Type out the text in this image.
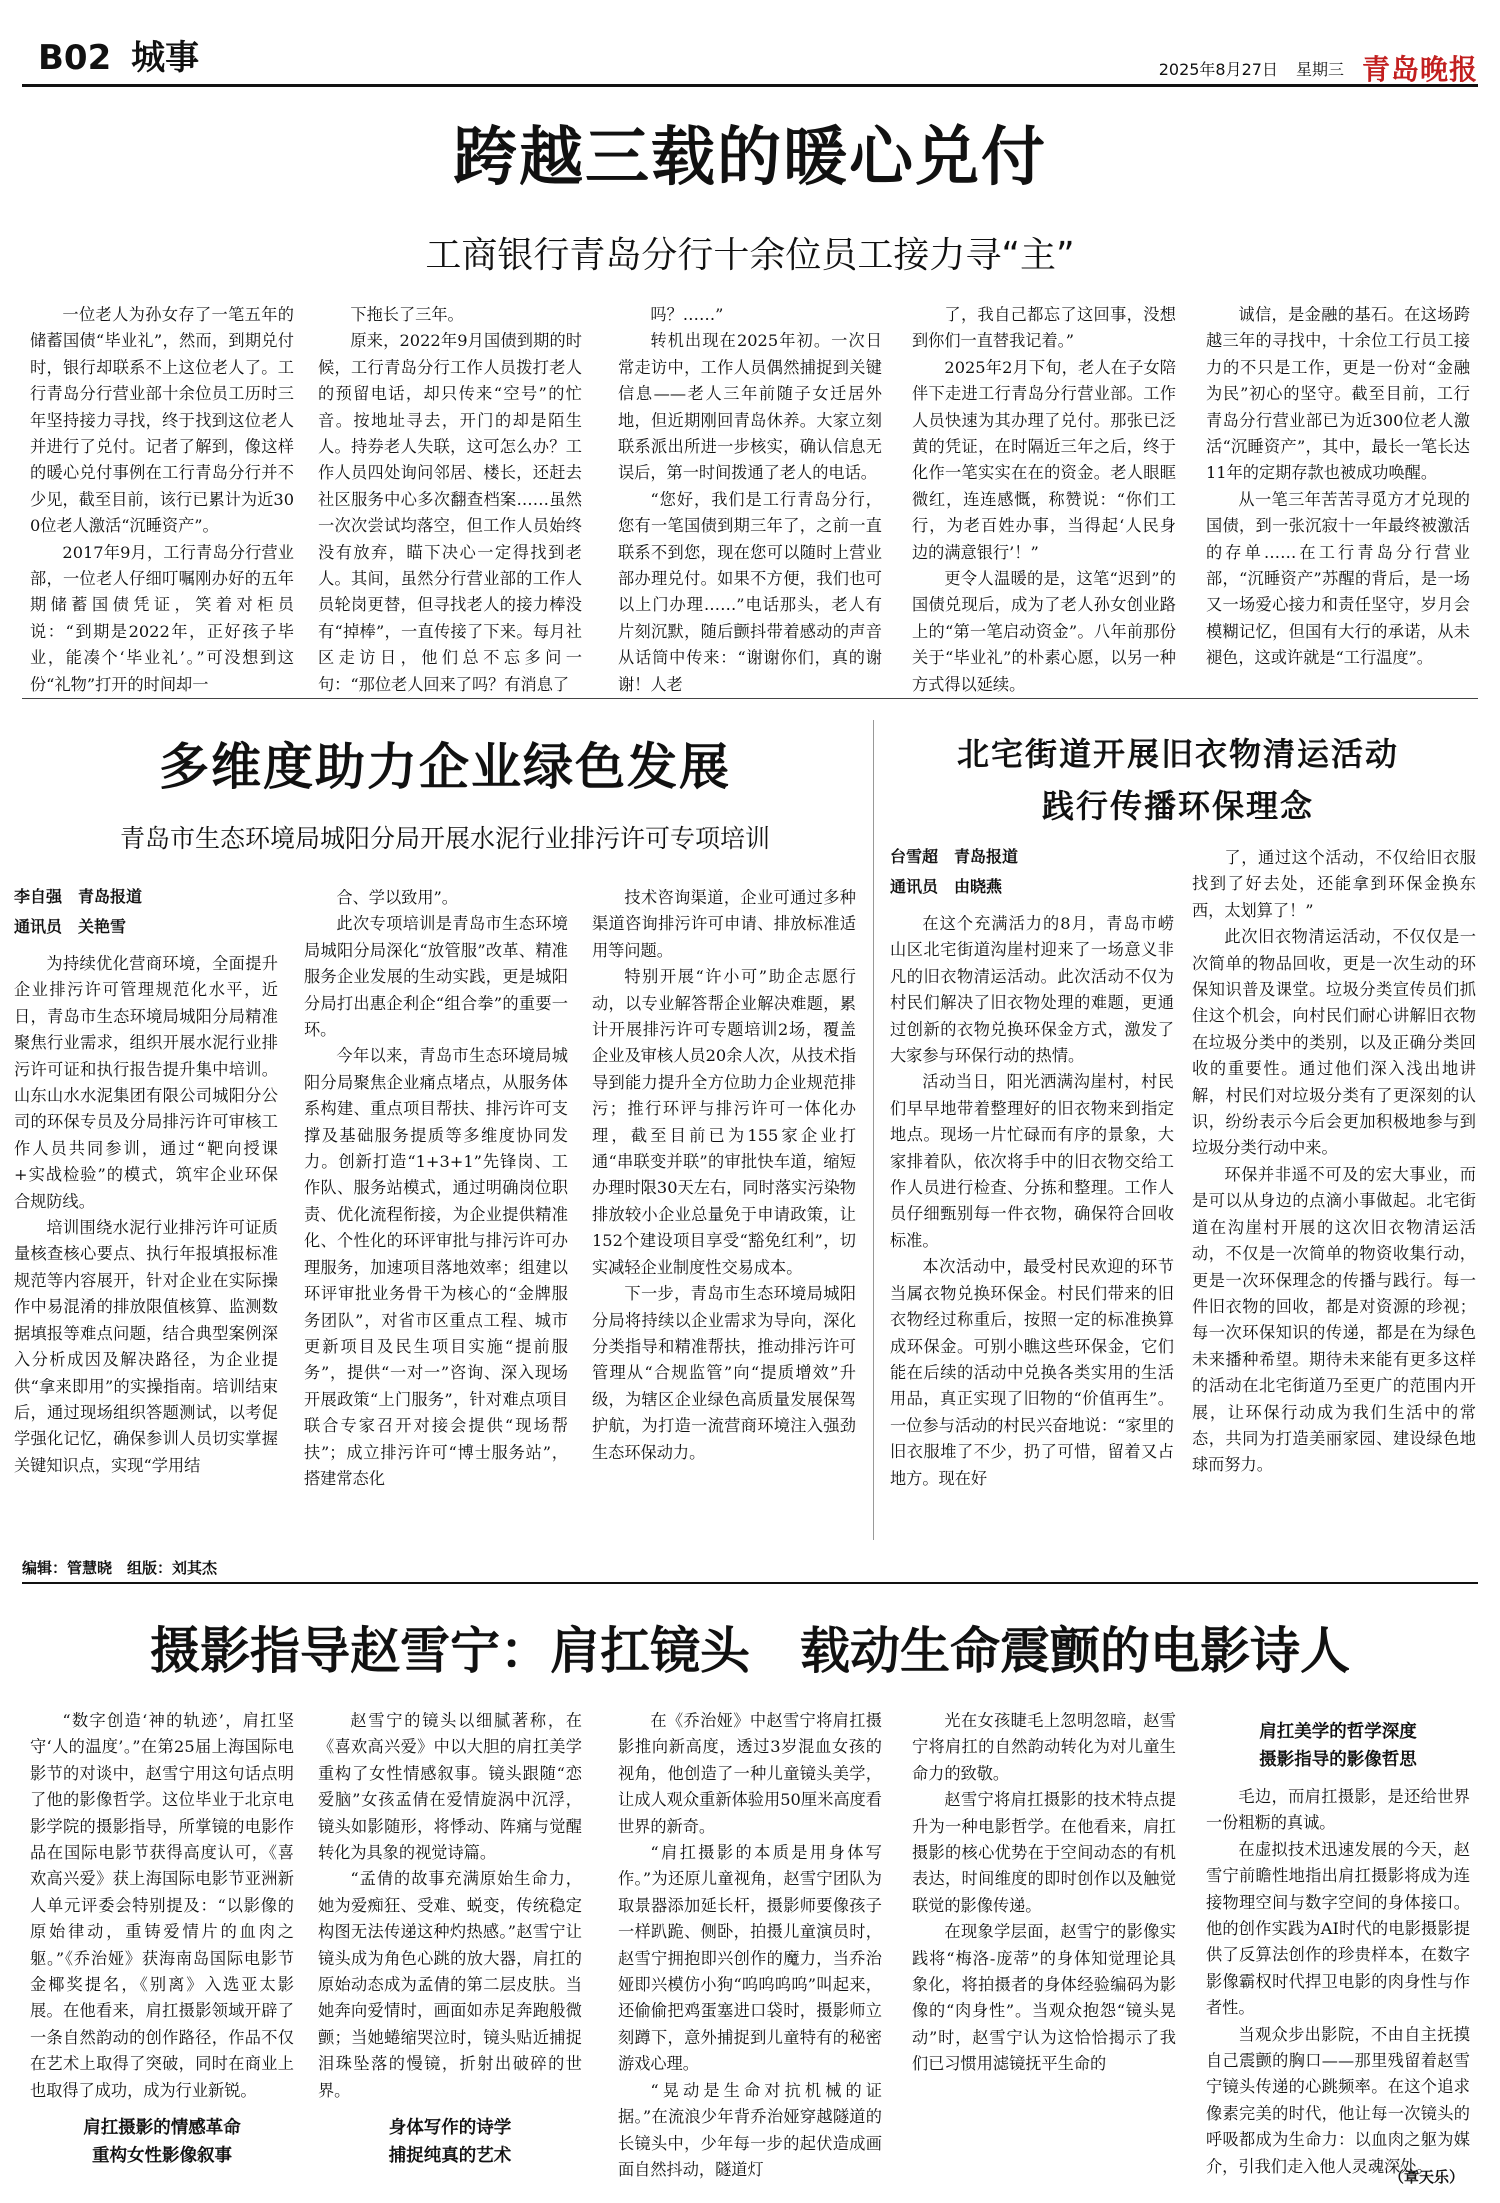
B02 城事	2025年8月27日 星期三 青岛晚报
跨越三载的暖心兑付
工商银行青岛分行十余位员工接力寻“主”

一位老人为孙女存了一笔五年的储蓄国债“毕业礼”，然而，到期兑付时，银行却联系不上这位老人了。工行青岛分行营业部十余位员工历时三年坚持接力寻找，终于找到这位老人并进行了兑付。记者了解到，像这样的暖心兑付事例在工行青岛分行并不少见，截至目前，该行已累计为近300位老人激活“沉睡资产”。

2017年9月，工行青岛分行营业部，一位老人仔细叮嘱刚办好的五年期储蓄国债凭证，笑着对柜员说：“到期是2022年，正好孩子毕业，能凑个‘毕业礼’。”可没想到这份“礼物”打开的时间却一

下拖长了三年。

原来，2022年9月国债到期的时候，工行青岛分行工作人员拨打老人的预留电话，却只传来“空号”的忙音。按地址寻去，开门的却是陌生人。持券老人失联，这可怎么办？工作人员四处询问邻居、楼长，还赶去社区服务中心多次翻查档案……虽然一次次尝试均落空，但工作人员始终没有放弃，瞄下决心一定得找到老人。其间，虽然分行营业部的工作人员轮岗更替，但寻找老人的接力棒没有“掉棒”，一直传接了下来。每月社区走访日，他们总不忘多问一句：“那位老人回来了吗？有消息了

吗？……”

转机出现在2025年初。一次日常走访中，工作人员偶然捕捉到关键信息——老人三年前随子女迁居外地，但近期刚回青岛休养。大家立刻联系派出所进一步核实，确认信息无误后，第一时间拨通了老人的电话。

“您好，我们是工行青岛分行，您有一笔国债到期三年了，之前一直联系不到您，现在您可以随时上营业部办理兑付。如果不方便，我们也可以上门办理……”电话那头，老人有片刻沉默，随后颤抖带着感动的声音从话筒中传来：“谢谢你们，真的谢谢！人老

了，我自己都忘了这回事，没想到你们一直替我记着。”

2025年2月下旬，老人在子女陪伴下走进工行青岛分行营业部。工作人员快速为其办理了兑付。那张已泛黄的凭证，在时隔近三年之后，终于化作一笔实实在在的资金。老人眼眶微红，连连感慨，称赞说：“你们工行，为老百姓办事，当得起‘人民身边的满意银行’！”

更令人温暖的是，这笔“迟到”的国债兑现后，成为了老人孙女创业路上的“第一笔启动资金”。八年前那份关于“毕业礼”的朴素心愿，以另一种方式得以延续。

诚信，是金融的基石。在这场跨越三年的寻找中，十余位工行员工接力的不只是工作，更是一份对“金融为民”初心的坚守。截至目前，工行青岛分行营业部已为近300位老人激活“沉睡资产”，其中，最长一笔长达11年的定期存款也被成功唤醒。

从一笔三年苦苦寻觅方才兑现的国债，到一张沉寂十一年最终被激活的存单……在工行青岛分行营业部，“沉睡资产”苏醒的背后，是一场又一场爱心接力和责任坚守，岁月会模糊记忆，但国有大行的承诺，从未褪色，这或许就是“工行温度”。

多维度助力企业绿色发展
青岛市生态环境局城阳分局开展水泥行业排污许可专项培训
李自强　青岛报道
通讯员　关艳雪

为持续优化营商环境，全面提升企业排污许可管理规范化水平，近日，青岛市生态环境局城阳分局精准聚焦行业需求，组织开展水泥行业排污许可证和执行报告提升集中培训。山东山水水泥集团有限公司城阳分公司的环保专员及分局排污许可审核工作人员共同参训，通过“靶向授课+实战检验”的模式，筑牢企业环保合规防线。

培训围绕水泥行业排污许可证质量核查核心要点、执行年报填报标准规范等内容展开，针对企业在实际操作中易混淆的排放限值核算、监测数据填报等难点问题，结合典型案例深入分析成因及解决路径，为企业提供“拿来即用”的实操指南。培训结束后，通过现场组织答题测试，以考促学强化记忆，确保参训人员切实掌握关键知识点，实现“学用结

合、学以致用”。

此次专项培训是青岛市生态环境局城阳分局深化“放管服”改革、精准服务企业发展的生动实践，更是城阳分局打出惠企利企“组合拳”的重要一环。

今年以来，青岛市生态环境局城阳分局聚焦企业痛点堵点，从服务体系构建、重点项目帮扶、排污许可支撑及基础服务提质等多维度协同发力。创新打造“1+3+1”先锋岗、工作队、服务站模式，通过明确岗位职责、优化流程衔接，为企业提供精准化、个性化的环评审批与排污许可办理服务，加速项目落地效率；组建以环评审批业务骨干为核心的“金牌服务团队”，对省市区重点工程、城市更新项目及民生项目实施“提前服务”，提供“一对一”咨询、深入现场开展政策“上门服务”，针对难点项目联合专家召开对接会提供“现场帮扶”；成立排污许可“博士服务站”，搭建常态化

技术咨询渠道，企业可通过多种渠道咨询排污许可申请、排放标准适用等问题。

特别开展“许小可”助企志愿行动，以专业解答帮企业解决难题，累计开展排污许可专题培训2场，覆盖企业及审核人员20余人次，从技术指导到能力提升全方位助力企业规范排污；推行环评与排污许可一体化办理，截至目前已为155家企业打通“串联变并联”的审批快车道，缩短办理时限30天左右，同时落实污染物排放较小企业总量免于申请政策，让152个建设项目享受“豁免红利”，切实减轻企业制度性交易成本。

下一步，青岛市生态环境局城阳分局将持续以企业需求为导向，深化分类指导和精准帮扶，推动排污许可管理从“合规监管”向“提质增效”升级，为辖区企业绿色高质量发展保驾护航，为打造一流营商环境注入强劲生态环保动力。

北宅街道开展旧衣物清运活动
践行传播环保理念
台雪超　青岛报道
通讯员　由晓燕

在这个充满活力的8月，青岛市崂山区北宅街道沟崖村迎来了一场意义非凡的旧衣物清运活动。此次活动不仅为村民们解决了旧衣物处理的难题，更通过创新的衣物兑换环保金方式，激发了大家参与环保行动的热情。

活动当日，阳光洒满沟崖村，村民们早早地带着整理好的旧衣物来到指定地点。现场一片忙碌而有序的景象，大家排着队，依次将手中的旧衣物交给工作人员进行检查、分拣和整理。工作人员仔细甄别每一件衣物，确保符合回收标准。

本次活动中，最受村民欢迎的环节当属衣物兑换环保金。村民们带来的旧衣物经过称重后，按照一定的标准换算成环保金。可别小瞧这些环保金，它们能在后续的活动中兑换各类实用的生活用品，真正实现了旧物的“价值再生”。一位参与活动的村民兴奋地说：“家里的旧衣服堆了不少，扔了可惜，留着又占地方。现在好

了，通过这个活动，不仅给旧衣服找到了好去处，还能拿到环保金换东西，太划算了！”

此次旧衣物清运活动，不仅仅是一次简单的物品回收，更是一次生动的环保知识普及课堂。垃圾分类宣传员们抓住这个机会，向村民们耐心讲解旧衣物在垃圾分类中的类别，以及正确分类回收的重要性。通过他们深入浅出地讲解，村民们对垃圾分类有了更深刻的认识，纷纷表示今后会更加积极地参与到垃圾分类行动中来。

环保并非遥不可及的宏大事业，而是可以从身边的点滴小事做起。北宅街道在沟崖村开展的这次旧衣物清运活动，不仅是一次简单的物资收集行动，更是一次环保理念的传播与践行。每一件旧衣物的回收，都是对资源的珍视；每一次环保知识的传递，都是在为绿色未来播种希望。期待未来能有更多这样的活动在北宅街道乃至更广的范围内开展，让环保行动成为我们生活中的常态，共同为打造美丽家园、建设绿色地球而努力。

编辑：管慧晓　组版：刘其杰
摄影指导赵雪宁：肩扛镜头　载动生命震颤的电影诗人

“数字创造‘神的轨迹’，肩扛坚守‘人的温度’。”在第25届上海国际电影节的对谈中，赵雪宁用这句话点明了他的影像哲学。这位毕业于北京电影学院的摄影指导，所掌镜的电影作品在国际电影节获得高度认可，《喜欢高兴爱》获上海国际电影节亚洲新人单元评委会特别提及：“以影像的原始律动，重铸爱情片的血肉之躯。”《乔治娅》获海南岛国际电影节金椰奖提名，《别离》入选亚太影展。在他看来，肩扛摄影领域开辟了一条自然韵动的创作路径，作品不仅在艺术上取得了突破，同时在商业上也取得了成功，成为行业新锐。

肩扛摄影的情感革命
重构女性影像叙事

赵雪宁的镜头以细腻著称，在《喜欢高兴爱》中以大胆的肩扛美学重构了女性情感叙事。镜头跟随“恋爱脑”女孩孟倩在爱情旋涡中沉浮，镜头如影随形，将悸动、阵痛与觉醒转化为具象的视觉诗篇。

“孟倩的故事充满原始生命力，她为爱痴狂、受难、蜕变，传统稳定构图无法传递这种灼热感。”赵雪宁让镜头成为角色心跳的放大器，肩扛的原始动态成为孟倩的第二层皮肤。当她奔向爱情时，画面如赤足奔跑般微颤；当她蜷缩哭泣时，镜头贴近捕捉泪珠坠落的慢镜，折射出破碎的世界。

身体写作的诗学
捕捉纯真的艺术

在《乔治娅》中赵雪宁将肩扛摄影推向新高度，透过3岁混血女孩的视角，他创造了一种儿童镜头美学，让成人观众重新体验用50厘米高度看世界的新奇。

“肩扛摄影的本质是用身体写作。”为还原儿童视角，赵雪宁团队为取景器添加延长杆，摄影师要像孩子一样趴跪、侧卧，拍摄儿童演员时，赵雪宁拥抱即兴创作的魔力，当乔治娅即兴模仿小狗“呜呜呜呜”叫起来，还偷偷把鸡蛋塞进口袋时，摄影师立刻蹲下，意外捕捉到儿童特有的秘密游戏心理。

“晃动是生命对抗机械的证据。”在流浪少年背乔治娅穿越隧道的长镜头中，少年每一步的起伏造成画面自然抖动，隧道灯

光在女孩睫毛上忽明忽暗，赵雪宁将肩扛的自然韵动转化为对儿童生命力的致敬。

赵雪宁将肩扛摄影的技术特点提升为一种电影哲学。在他看来，肩扛摄影的核心优势在于空间动态的有机表达，时间维度的即时创作以及触觉联觉的影像传递。

在现象学层面，赵雪宁的影像实践将“梅洛-庞蒂”的身体知觉理论具象化，将拍摄者的身体经验编码为影像的“肉身性”。当观众抱怨“镜头晃动”时，赵雪宁认为这恰恰揭示了我们已习惯用滤镜抚平生命的

肩扛美学的哲学深度
摄影指导的影像哲思

毛边，而肩扛摄影，是还给世界一份粗粝的真诚。

在虚拟技术迅速发展的今天，赵雪宁前瞻性地指出肩扛摄影将成为连接物理空间与数字空间的身体接口。他的创作实践为AI时代的电影摄影提供了反算法创作的珍贵样本，在数字影像霸权时代捍卫电影的肉身性与作者性。

当观众步出影院，不由自主抚摸自己震颤的胸口——那里残留着赵雪宁镜头传递的心跳频率。在这个追求像素完美的时代，他让每一次镜头的呼吸都成为生命力：以血肉之躯为媒介，引我们走入他人灵魂深处。

（章天乐）
